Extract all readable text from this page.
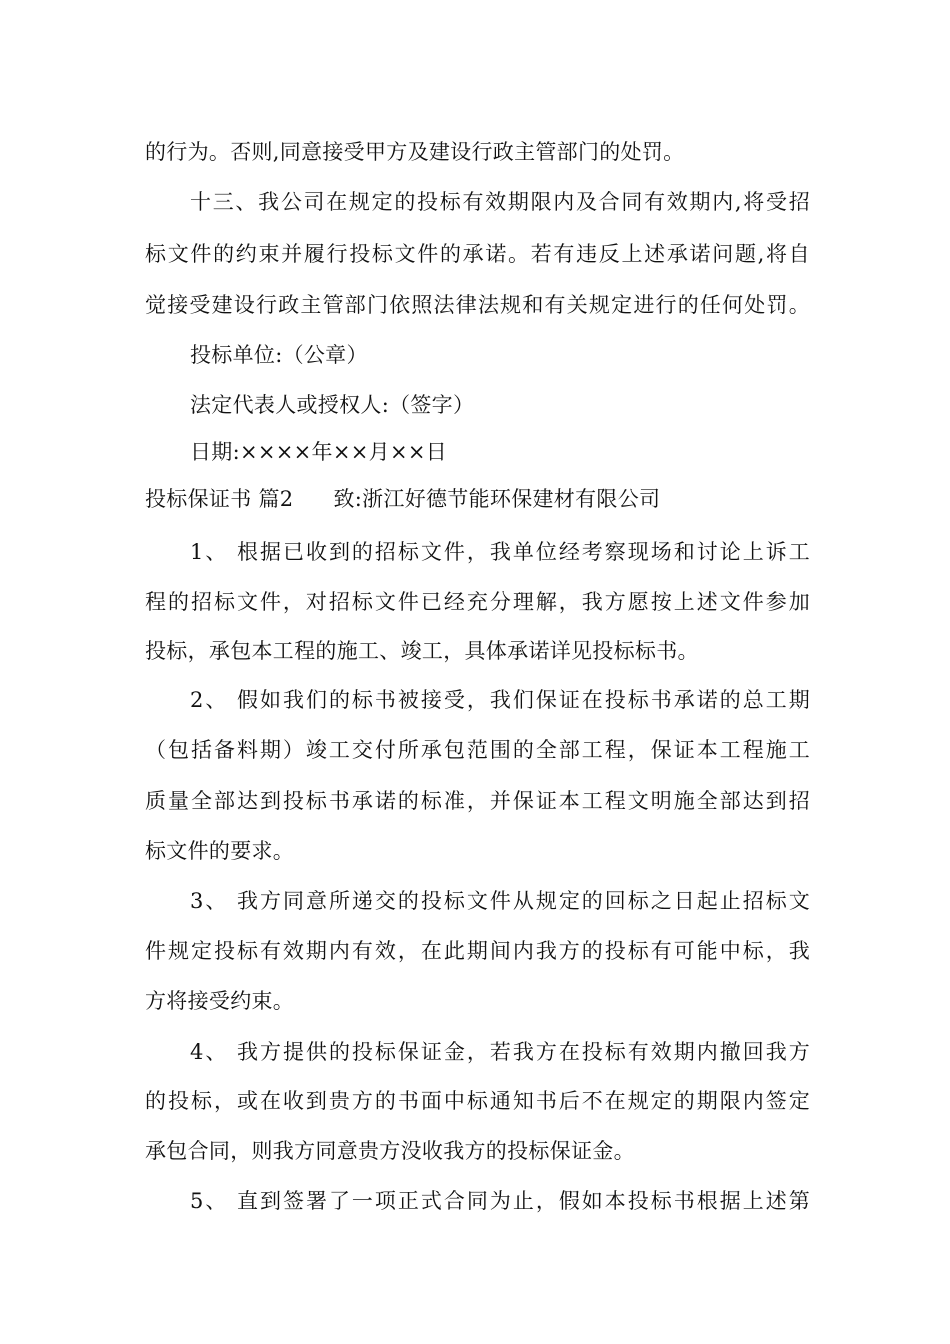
的行为。否则,同意接受甲方及建设行政主管部门的处罚。
十三、我公司在规定的投标有效期限内及合同有效期内,将受招
标文件的约束并履行投标文件的承诺。若有违反上述承诺问题,将自
觉接受建设行政主管部门依照法律法规和有关规定进行的任何处罚。
投标单位:（公章）
法定代表人或授权人:（签字）
日期:××××年××月××日
投标保证书 篇2 致:浙江好德节能环保建材有限公司
1、 根据已收到的招标文件，我单位经考察现场和讨论上诉工
程的招标文件，对招标文件已经充分理解，我方愿按上述文件参加
投标，承包本工程的施工、竣工，具体承诺详见投标标书。
2、 假如我们的标书被接受，我们保证在投标书承诺的总工期
（包括备料期）竣工交付所承包范围的全部工程，保证本工程施工
质量全部达到投标书承诺的标准，并保证本工程文明施全部达到招
标文件的要求。
3、 我方同意所递交的投标文件从规定的回标之日起止招标文
件规定投标有效期内有效，在此期间内我方的投标有可能中标，我
方将接受约束。
4、 我方提供的投标保证金，若我方在投标有效期内撤回我方
的投标，或在收到贵方的书面中标通知书后不在规定的期限内签定
承包合同，则我方同意贵方没收我方的投标保证金。
5、 直到签署了一项正式合同为止，假如本投标书根据上述第
